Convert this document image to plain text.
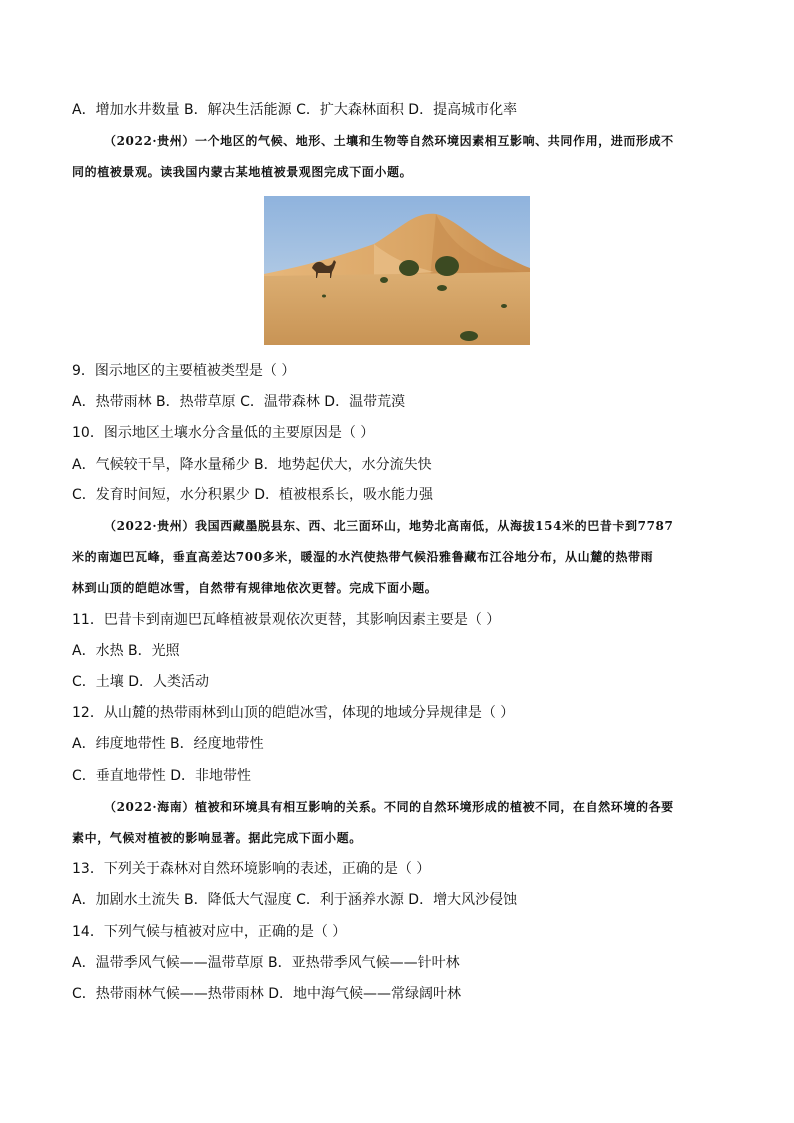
A．增加水井数量 B．解决生活能源 C．扩大森林面积 D．提高城市化率
（2022·贵州）一个地区的气候、地形、土壤和生物等自然环境因素相互影响、共同作用，进而形成不
同的植被景观。读我国内蒙古某地植被景观图完成下面小题。
9．图示地区的主要植被类型是（ ）
A．热带雨林 B．热带草原 C．温带森林 D．温带荒漠
10．图示地区土壤水分含量低的主要原因是（ ）
A．气候较干旱，降水量稀少 B．地势起伏大，水分流失快
C．发育时间短，水分积累少 D．植被根系长，吸水能力强
（2022·贵州）我国西藏墨脱县东、西、北三面环山，地势北高南低，从海拔154米的巴昔卡到7787
米的南迦巴瓦峰，垂直高差达700多米，暖湿的水汽使热带气候沿雅鲁藏布江谷地分布，从山麓的热带雨
林到山顶的皑皑冰雪，自然带有规律地依次更替。完成下面小题。
11．巴昔卡到南迦巴瓦峰植被景观依次更替，其影响因素主要是（ ）
A．水热 B．光照
C．土壤 D．人类活动
12．从山麓的热带雨林到山顶的皑皑冰雪，体现的地域分异规律是（ ）
A．纬度地带性 B．经度地带性
C．垂直地带性 D．非地带性
（2022·海南）植被和环境具有相互影响的关系。不同的自然环境形成的植被不同，在自然环境的各要
素中，气候对植被的影响显著。据此完成下面小题。
13．下列关于森林对自然环境影响的表述，正确的是（ ）
A．加剧水土流失 B．降低大气湿度 C．利于涵养水源 D．增大风沙侵蚀
14．下列气候与植被对应中，正确的是（ ）
A．温带季风气候——温带草原 B．亚热带季风气候——针叶林
C．热带雨林气候——热带雨林 D．地中海气候——常绿阔叶林
